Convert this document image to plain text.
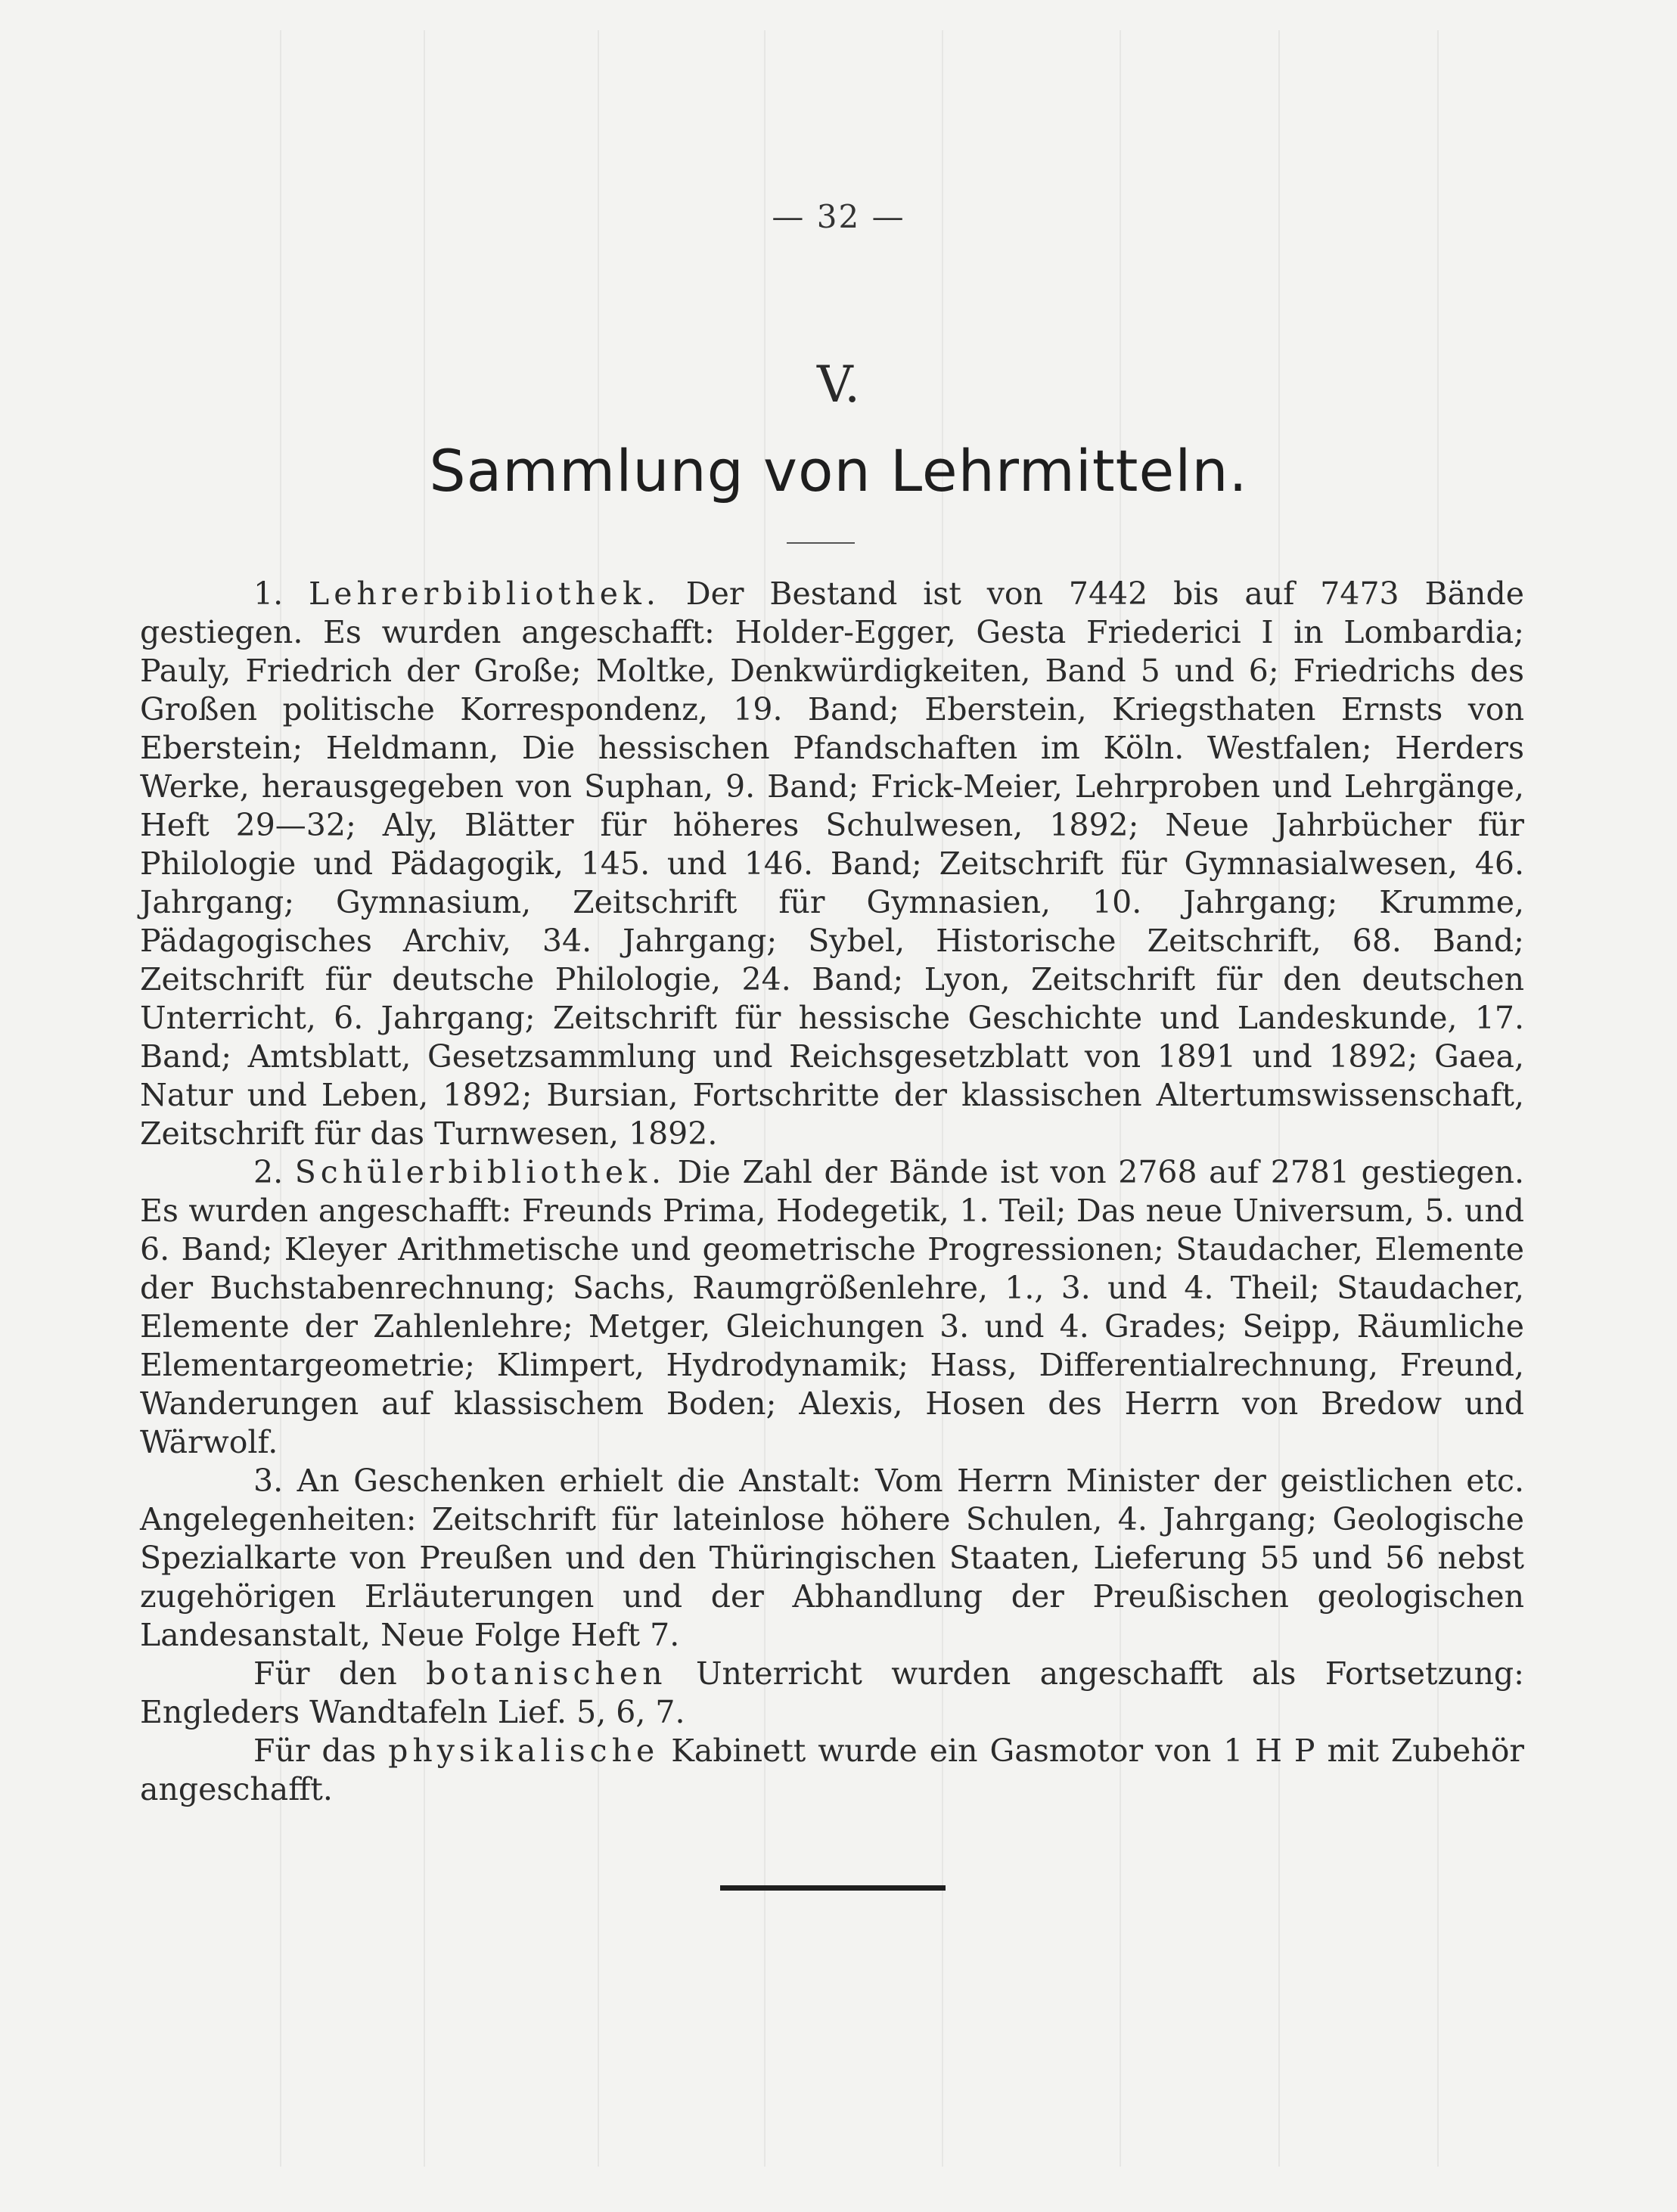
— 32 —
V.
Sammlung von Lehrmitteln.

1. Lehrerbibliothek. Der Bestand ist von 7442 bis auf 7473 Bände gestiegen. Es wurden angeschafft: Holder-Egger, Gesta Friederici I in Lombardia; Pauly, Friedrich der Große; Moltke, Denkwürdigkeiten, Band 5 und 6; Friedrichs des Großen politische Korrespondenz, 19. Band; Eberstein, Kriegsthaten Ernsts von Eberstein; Heldmann, Die hessischen Pfandschaften im Köln. Westfalen; Herders Werke, herausgegeben von Suphan, 9. Band; Frick-Meier, Lehrproben und Lehrgänge, Heft 29—32; Aly, Blätter für höheres Schulwesen, 1892; Neue Jahrbücher für Philologie und Pädagogik, 145. und 146. Band; Zeitschrift für Gymnasialwesen, 46. Jahrgang; Gymnasium, Zeitschrift für Gymnasien, 10. Jahrgang; Krumme, Pädagogisches Archiv, 34. Jahrgang; Sybel, Historische Zeitschrift, 68. Band; Zeitschrift für deutsche Philologie, 24. Band; Lyon, Zeitschrift für den deutschen Unterricht, 6. Jahrgang; Zeitschrift für hessische Geschichte und Landeskunde, 17. Band; Amtsblatt, Gesetzsammlung und Reichsgesetzblatt von 1891 und 1892; Gaea, Natur und Leben, 1892; Bursian, Fortschritte der klassischen Altertumswissenschaft, Zeitschrift für das Turnwesen, 1892.

2. Schülerbibliothek. Die Zahl der Bände ist von 2768 auf 2781 gestiegen. Es wurden angeschafft: Freunds Prima, Hodegetik, 1. Teil; Das neue Universum, 5. und 6. Band; Kleyer Arithmetische und geometrische Progressionen; Staudacher, Elemente der Buchstabenrechnung; Sachs, Raumgrößenlehre, 1., 3. und 4. Theil; Staudacher, Elemente der Zahlenlehre; Metger, Gleichungen 3. und 4. Grades; Seipp, Räumliche Elementargeometrie; Klimpert, Hydrodynamik; Hass, Differentialrechnung, Freund, Wanderungen auf klassischem Boden; Alexis, Hosen des Herrn von Bredow und Wärwolf.

3. An Geschenken erhielt die Anstalt: Vom Herrn Minister der geistlichen etc. Angelegenheiten: Zeitschrift für lateinlose höhere Schulen, 4. Jahrgang; Geologische Spezialkarte von Preußen und den Thüringischen Staaten, Lieferung 55 und 56 nebst zugehörigen Erläuterungen und der Abhandlung der Preußischen geologischen Landesanstalt, Neue Folge Heft 7.

Für den botanischen Unterricht wurden angeschafft als Fortsetzung: Engleders Wandtafeln Lief. 5, 6, 7.

Für das physikalische Kabinett wurde ein Gasmotor von 1 H P mit Zubehör angeschafft.
